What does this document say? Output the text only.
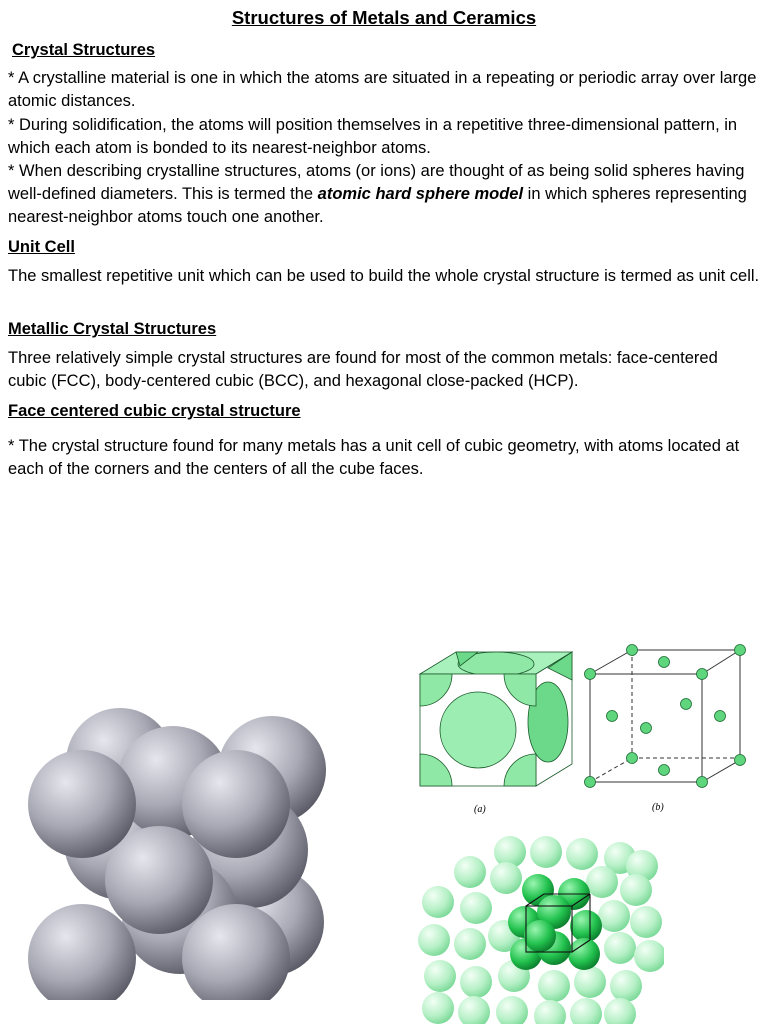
Structures of Metals and Ceramics
Crystal Structures

* A crystalline material is one in which the atoms are situated in a repeating or periodic array over large atomic distances.

* During solidification, the atoms will position themselves in a repetitive three-dimensional pattern, in which each atom is bonded to its nearest-neighbor atoms.

* When describing crystalline structures, atoms (or ions) are thought of as being solid spheres having well-defined diameters. This is termed the atomic hard sphere model in which spheres representing nearest-neighbor atoms touch one another.

Unit Cell

The smallest repetitive unit which can be used to build the whole crystal structure is termed as unit cell.

Metallic Crystal Structures

Three relatively simple crystal structures are found for most of the common metals: face-centered cubic (FCC), body-centered cubic (BCC), and hexagonal close-packed (HCP).

Face centered cubic crystal structure

* The crystal structure found for many metals has a unit cell of cubic geometry, with atoms located at each of the corners and the centers of all the cube faces.

(a)	(b)
